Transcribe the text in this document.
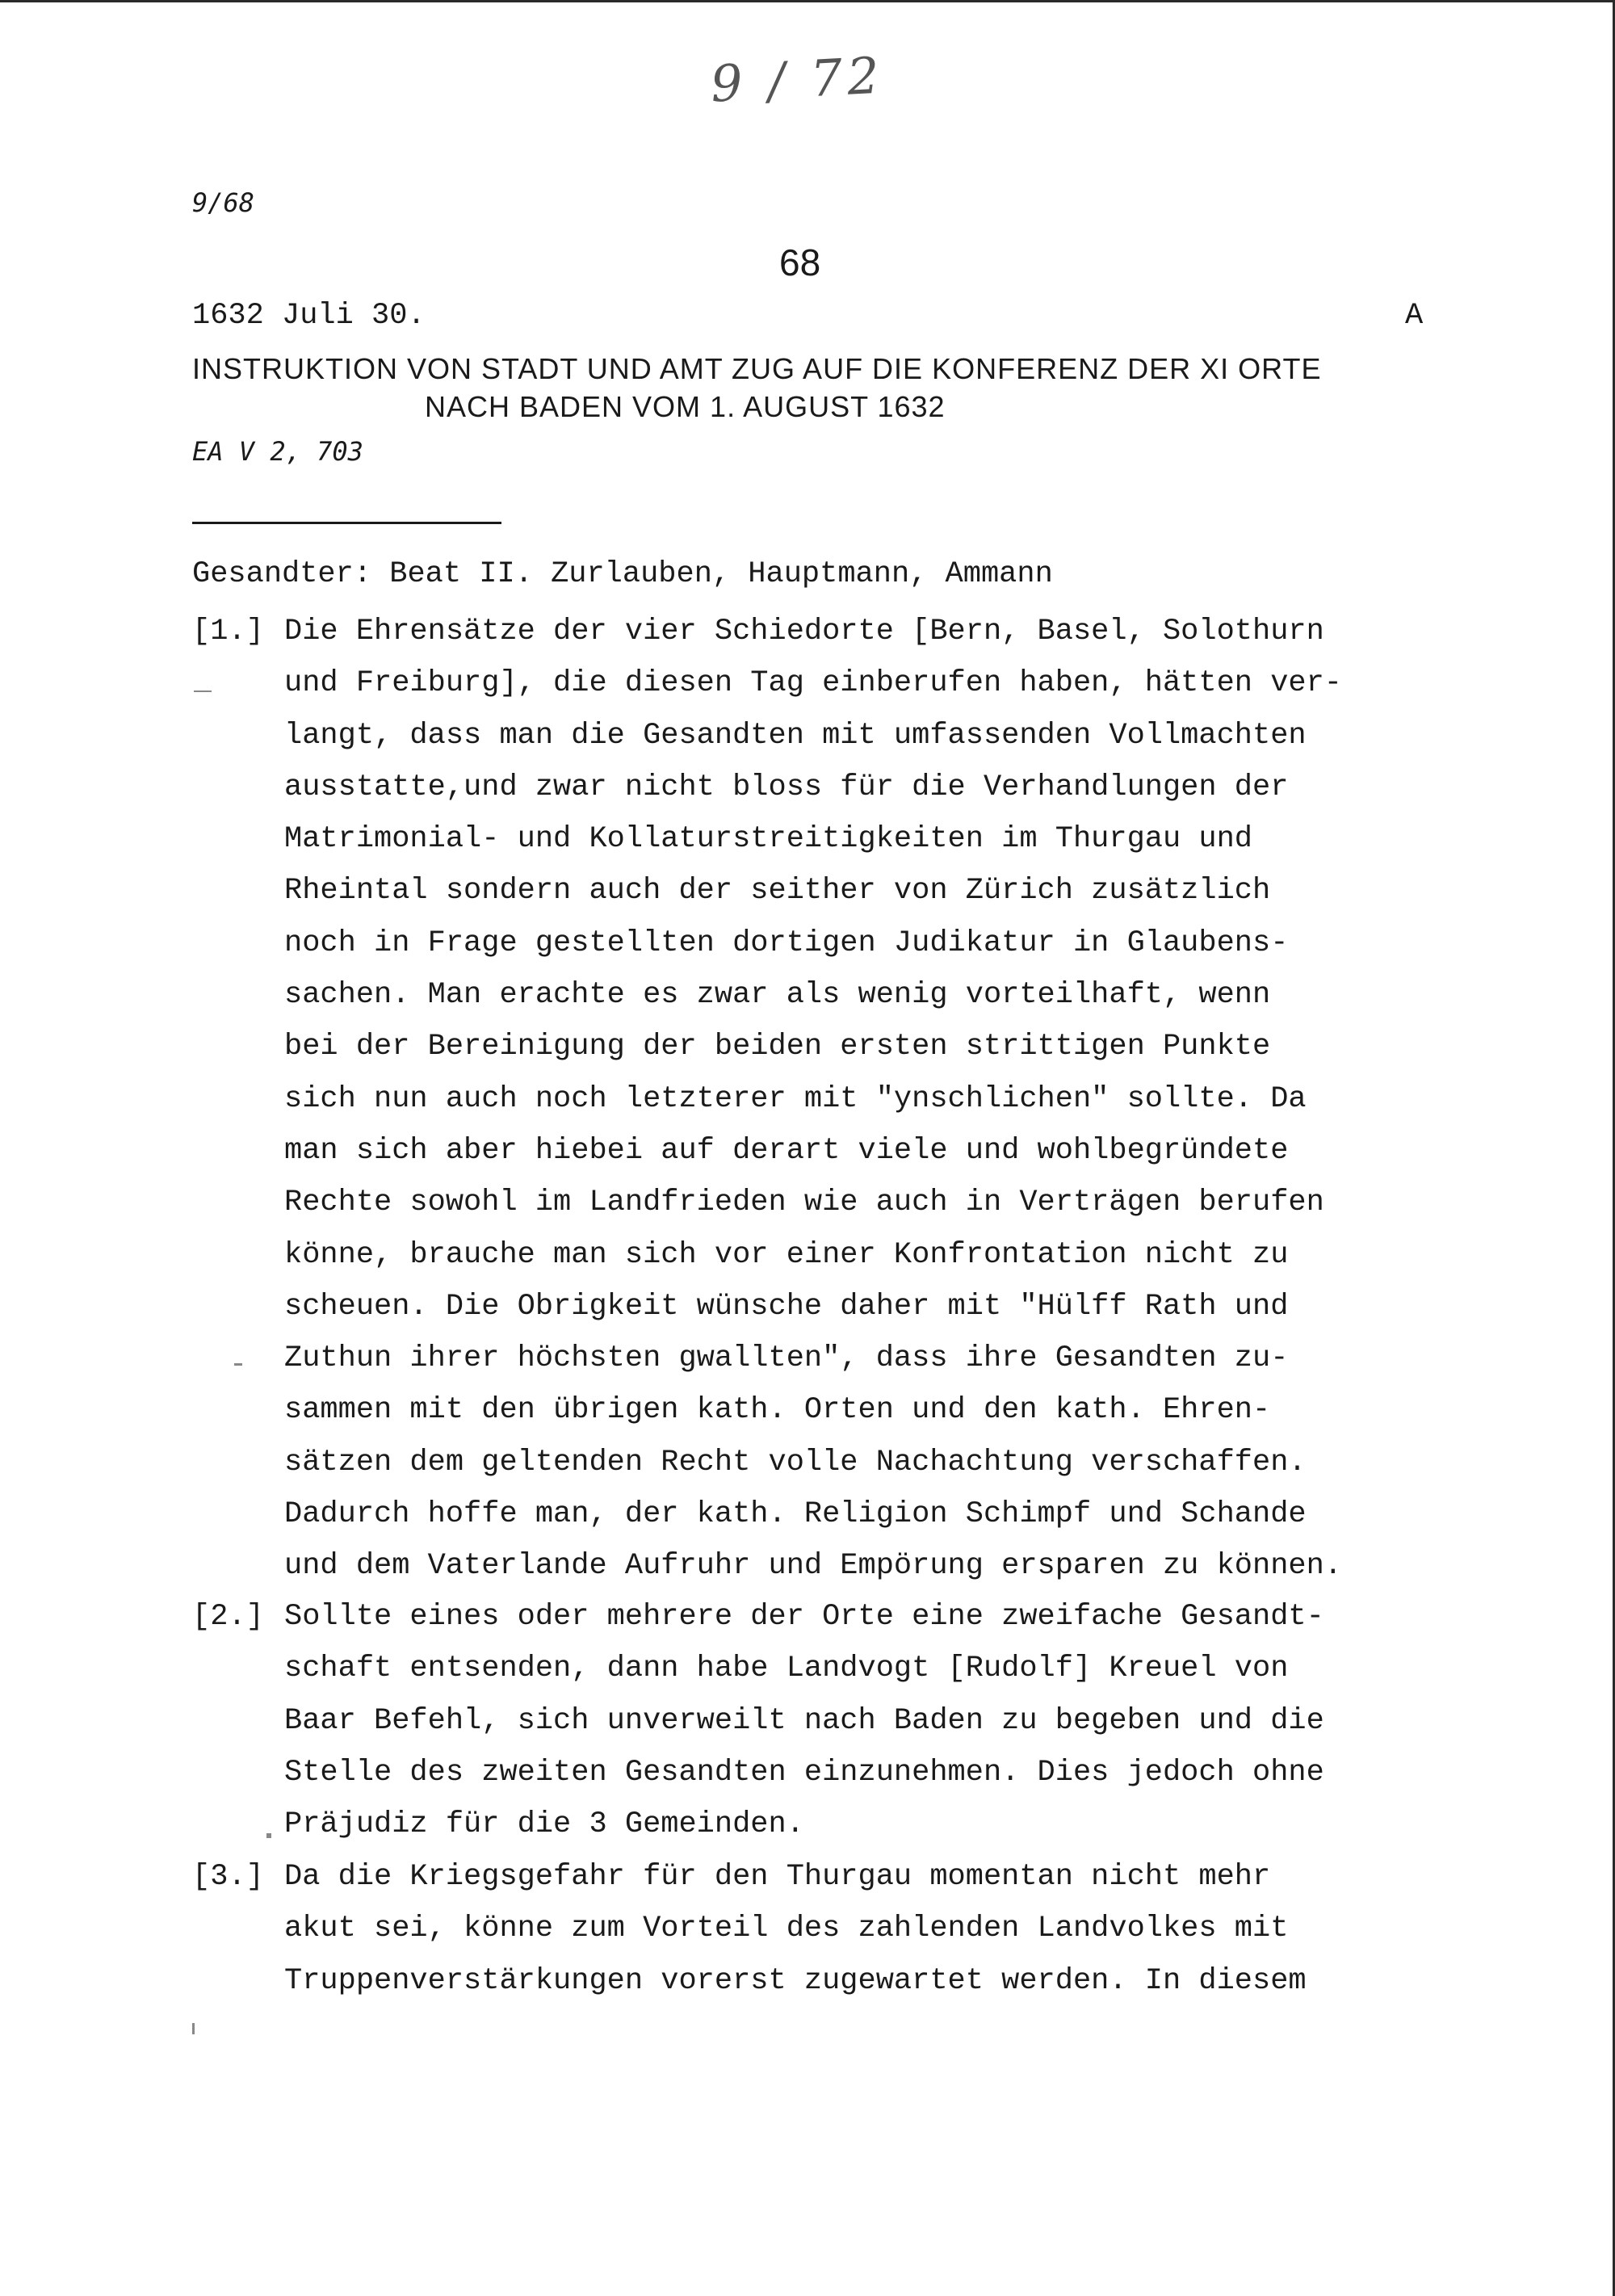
9 / 72
9/68
68
1632 Juli 30.	A
INSTRUKTION VON STADT UND AMT ZUG AUF DIE KONFERENZ DER XI ORTE
NACH BADEN VOM 1. AUGUST 1632
EA V 2, 703
Gesandter: Beat II. Zurlauben, Hauptmann, Ammann
[1.] Die Ehrensätze der vier Schiedorte [Bern, Basel, Solothurn
und Freiburg], die diesen Tag einberufen haben, hätten ver-
langt, dass man die Gesandten mit umfassenden Vollmachten
ausstatte,und zwar nicht bloss für die Verhandlungen der
Matrimonial- und Kollaturstreitigkeiten im Thurgau und
Rheintal sondern auch der seither von Zürich zusätzlich
noch in Frage gestellten dortigen Judikatur in Glaubens-
sachen. Man erachte es zwar als wenig vorteilhaft, wenn
bei der Bereinigung der beiden ersten strittigen Punkte
sich nun auch noch letzterer mit "ynschlichen" sollte. Da
man sich aber hiebei auf derart viele und wohlbegründete
Rechte sowohl im Landfrieden wie auch in Verträgen berufen
könne, brauche man sich vor einer Konfrontation nicht zu
scheuen. Die Obrigkeit wünsche daher mit "Hülff Rath und
Zuthun ihrer höchsten gwallten", dass ihre Gesandten zu-
sammen mit den übrigen kath. Orten und den kath. Ehren-
sätzen dem geltenden Recht volle Nachachtung verschaffen.
Dadurch hoffe man, der kath. Religion Schimpf und Schande
und dem Vaterlande Aufruhr und Empörung ersparen zu können.
[2.] Sollte eines oder mehrere der Orte eine zweifache Gesandt-
schaft entsenden, dann habe Landvogt [Rudolf] Kreuel von
Baar Befehl, sich unverweilt nach Baden zu begeben und die
Stelle des zweiten Gesandten einzunehmen. Dies jedoch ohne
Präjudiz für die 3 Gemeinden.
[3.] Da die Kriegsgefahr für den Thurgau momentan nicht mehr
akut sei, könne zum Vorteil des zahlenden Landvolkes mit
Truppenverstärkungen vorerst zugewartet werden. In diesem
